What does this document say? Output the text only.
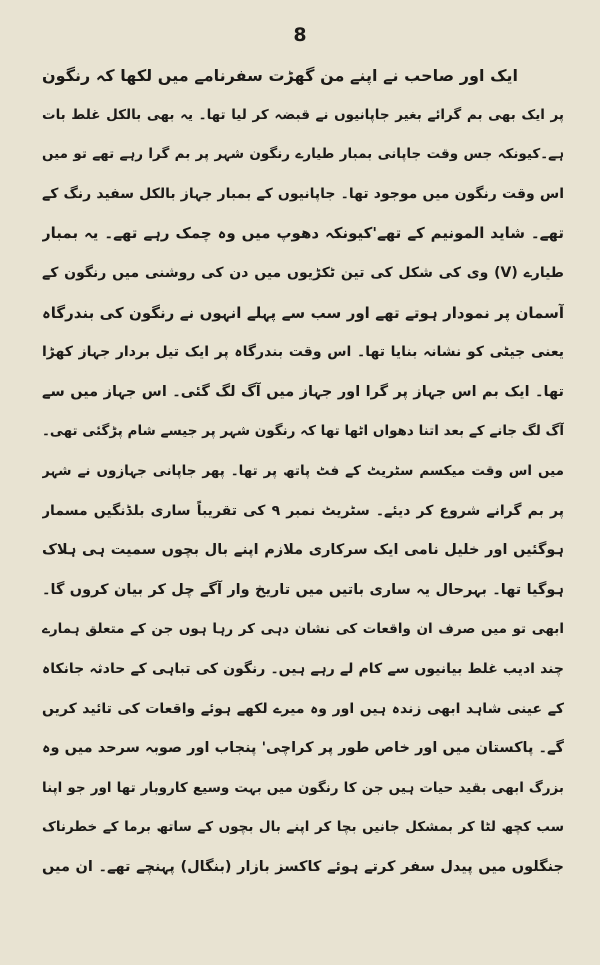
8
ایک اور صاحب نے اپنے من گھڑت سفرنامے میں لکھا کہ رنگون
پر ایک بھی بم گرائے بغیر جاپانیوں نے قبضہ کر لیا تھا۔ یہ بھی بالکل غلط بات
ہے۔کیونکہ جس وقت جاپانی بمبار طیارے رنگون شہر پر بم گرا رہے تھے تو میں
اس وقت رنگون میں موجود تھا۔ جاپانیوں کے بمبار جہاز بالکل سفید رنگ کے
تھے۔ شاید المونیم کے تھے'کیونکہ دھوپ میں وہ چمک رہے تھے۔ یہ بمبار
طیارے (V) وی کی شکل کی تین ٹکڑیوں میں دن کی روشنی میں رنگون کے
آسمان پر نمودار ہوتے تھے اور سب سے پہلے انہوں نے رنگون کی بندرگاہ
یعنی جیٹی کو نشانہ بنایا تھا۔ اس وقت بندرگاہ پر ایک تیل بردار جہاز کھڑا
تھا۔ ایک بم اس جہاز پر گرا اور جہاز میں آگ لگ گئی۔ اس جہاز میں سے
آگ لگ جانے کے بعد اتنا دھواں اٹھا تھا کہ رنگون شہر پر جیسے شام پڑگئی تھی۔
میں اس وقت میکسم سٹریٹ کے فٹ پاتھ پر تھا۔ پھر جاپانی جہازوں نے شہر
پر بم گرانے شروع کر دیئے۔ سٹریٹ نمبر ۹ کی تقریباً ساری بلڈنگیں مسمار
ہوگئیں اور خلیل نامی ایک سرکاری ملازم اپنے بال بچوں سمیت ہی ہلاک
ہوگیا تھا۔ بہرحال یہ ساری باتیں میں تاریخ وار آگے چل کر بیان کروں گا۔
ابھی تو میں صرف ان واقعات کی نشان دہی کر رہا ہوں جن کے متعلق ہمارے
چند ادیب غلط بیانیوں سے کام لے رہے ہیں۔ رنگون کی تباہی کے حادثہ جانکاہ
کے عینی شاہد ابھی زندہ ہیں اور وہ میرے لکھے ہوئے واقعات کی تائید کریں
گے۔ پاکستان میں اور خاص طور پر کراچی' پنجاب اور صوبہ سرحد میں وہ
بزرگ ابھی بقید حیات ہیں جن کا رنگون میں بہت وسیع کاروبار تھا اور جو اپنا
سب کچھ لٹا کر بمشکل جانیں بچا کر اپنے بال بچوں کے ساتھ برما کے خطرناک
جنگلوں میں پیدل سفر کرتے ہوئے کاکسز بازار (بنگال) پہنچے تھے۔ ان میں
